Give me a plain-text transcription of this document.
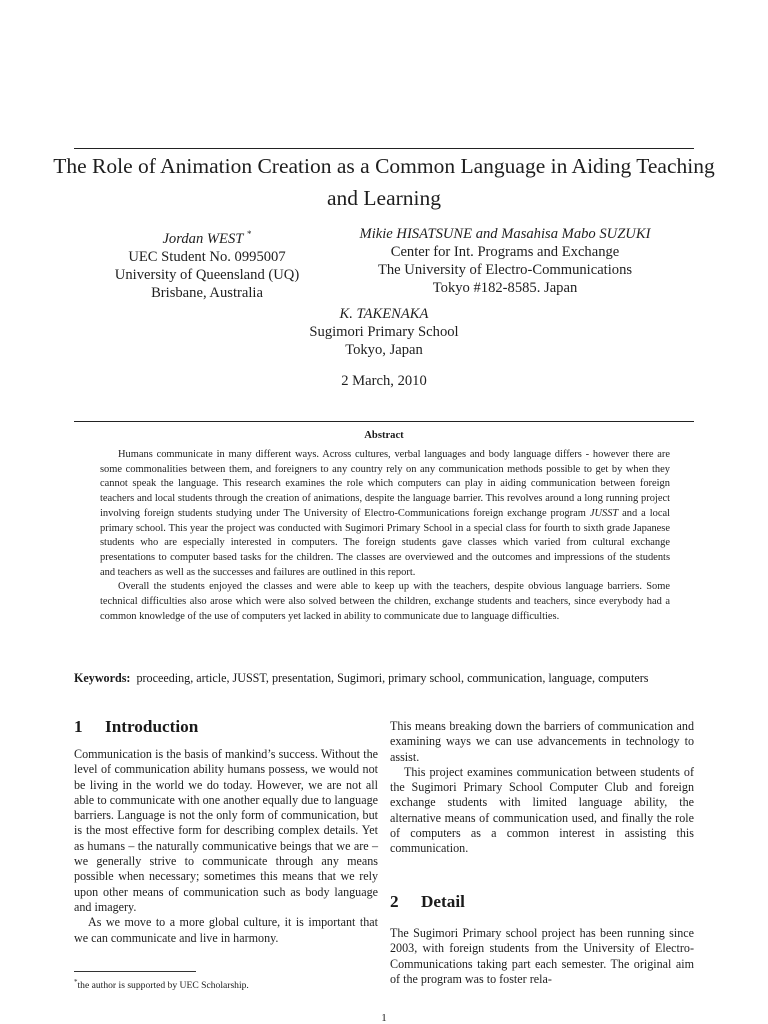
The Role of Animation Creation as a Common Language in Aiding Teaching and Learning
Jordan WEST *
UEC Student No. 0995007
University of Queensland (UQ)
Brisbane, Australia
Mikie HISATSUNE and Masahisa Mabo SUZUKI
Center for Int. Programs and Exchange
The University of Electro-Communications
Tokyo #182-8585. Japan
K. TAKENAKA
Sugimori Primary School
Tokyo, Japan
2 March, 2010
Abstract

Humans communicate in many different ways. Across cultures, verbal languages and body language differs - however there are some commonalities between them, and foreigners to any country rely on any communication methods possible to get by when they cannot speak the language. This research examines the role which computers can play in aiding communication between foreign teachers and local students through the creation of animations, despite the language barrier. This revolves around a long running project involving foreign students studying under The University of Electro-Communications foreign exchange program JUSST and a local primary school. This year the project was conducted with Sugimori Primary School in a special class for fourth to sixth grade Japanese students who are especially interested in computers. The foreign students gave classes which varied from cultural exchange presentations to computer based tasks for the children. The classes are overviewed and the outcomes and impressions of the students and teachers as well as the successes and failures are outlined in this report.

Overall the students enjoyed the classes and were able to keep up with the teachers, despite obvious language barriers. Some technical difficulties also arose which were also solved between the children, exchange students and teachers, since everybody had a common knowledge of the use of computers yet lacked in ability to communicate due to language difficulties.

Keywords: proceeding, article, JUSST, presentation, Sugimori, primary school, communication, language, computers
1 Introduction

Communication is the basis of mankind’s success. Without the level of communication ability humans possess, we would not be living in the world we do today. However, we are not all able to communicate with one another equally due to language barriers. Language is not the only form of communication, but is the most effective form for describing complex details. Yet as humans – the naturally communicative beings that we are – we generally strive to communicate through any means possible when necessary; sometimes this means that we rely upon other means of communication such as body language and imagery.

As we move to a more global culture, it is important that we can communicate and live in harmony.

*the author is supported by UEC Scholarship.

This means breaking down the barriers of communication and examining ways we can use advancements in technology to assist.

This project examines communication between students of the Sugimori Primary School Computer Club and foreign exchange students with limited language ability, the alternative means of communication used, and finally the role of computers as a common interest in assisting this communication.

2 Detail

The Sugimori Primary school project has been running since 2003, with foreign students from the University of Electro-Communications taking part each semester. The original aim of the program was to foster rela-

1
